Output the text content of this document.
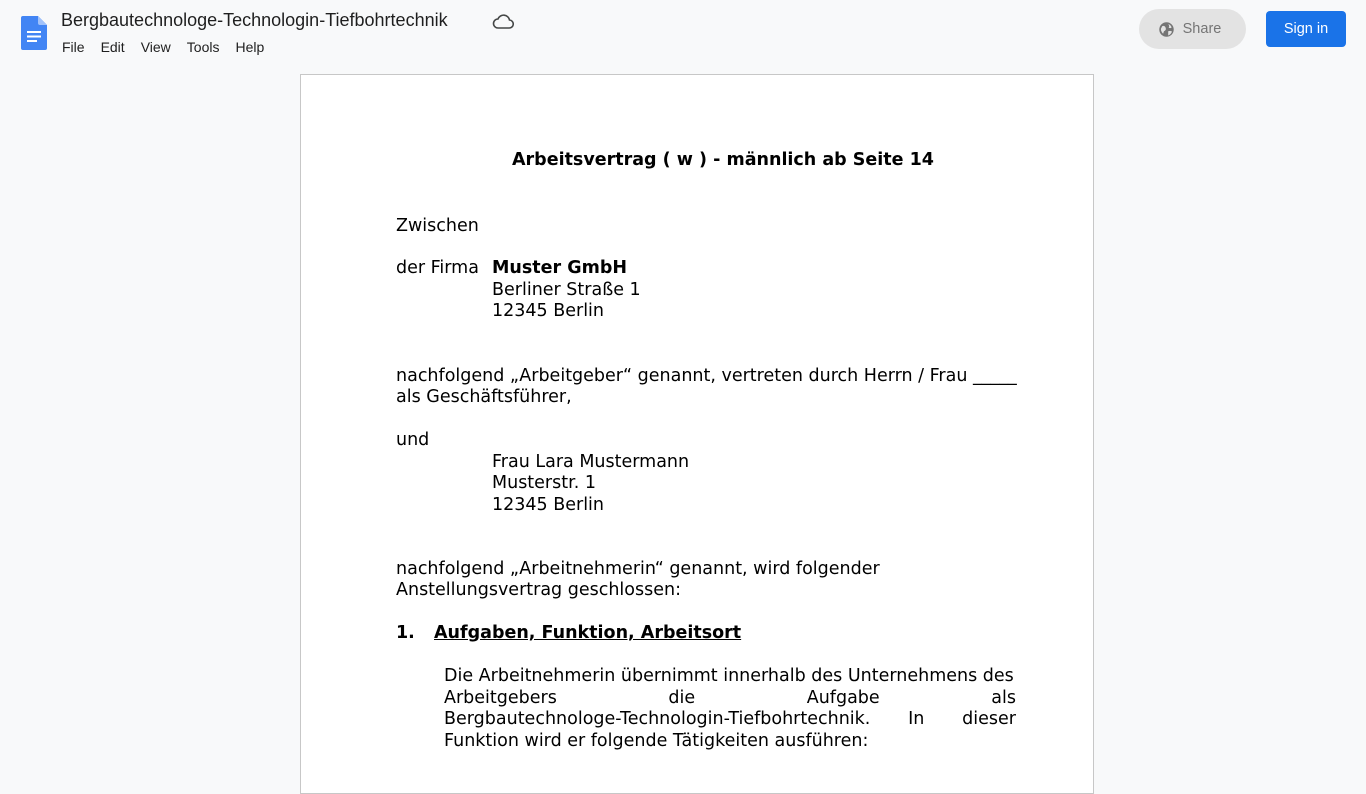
Bergbautechnologe-Technologin-Tiefbohrtechnik
File	Edit	View	Tools	Help
Share	Sign in
Arbeitsvertrag ( w ) - männlich ab Seite 14
Zwischen
der Firma Muster GmbH
Berliner Straße 1
12345 Berlin
nachfolgend „Arbeitgeber“ genannt, vertreten durch Herrn / Frau _____
als Geschäftsführer,
und
Frau Lara Mustermann
Musterstr. 1
12345 Berlin
nachfolgend „Arbeitnehmerin“ genannt, wird folgender
Anstellungsvertrag geschlossen:
1. Aufgaben, Funktion, Arbeitsort
Die Arbeitnehmerin übernimmt innerhalb des Unternehmens des
Arbeitgebers	die	Aufgabe	als
Bergbautechnologe-Technologin-Tiefbohrtechnik. In dieser
Funktion wird er folgende Tätigkeiten ausführen:
